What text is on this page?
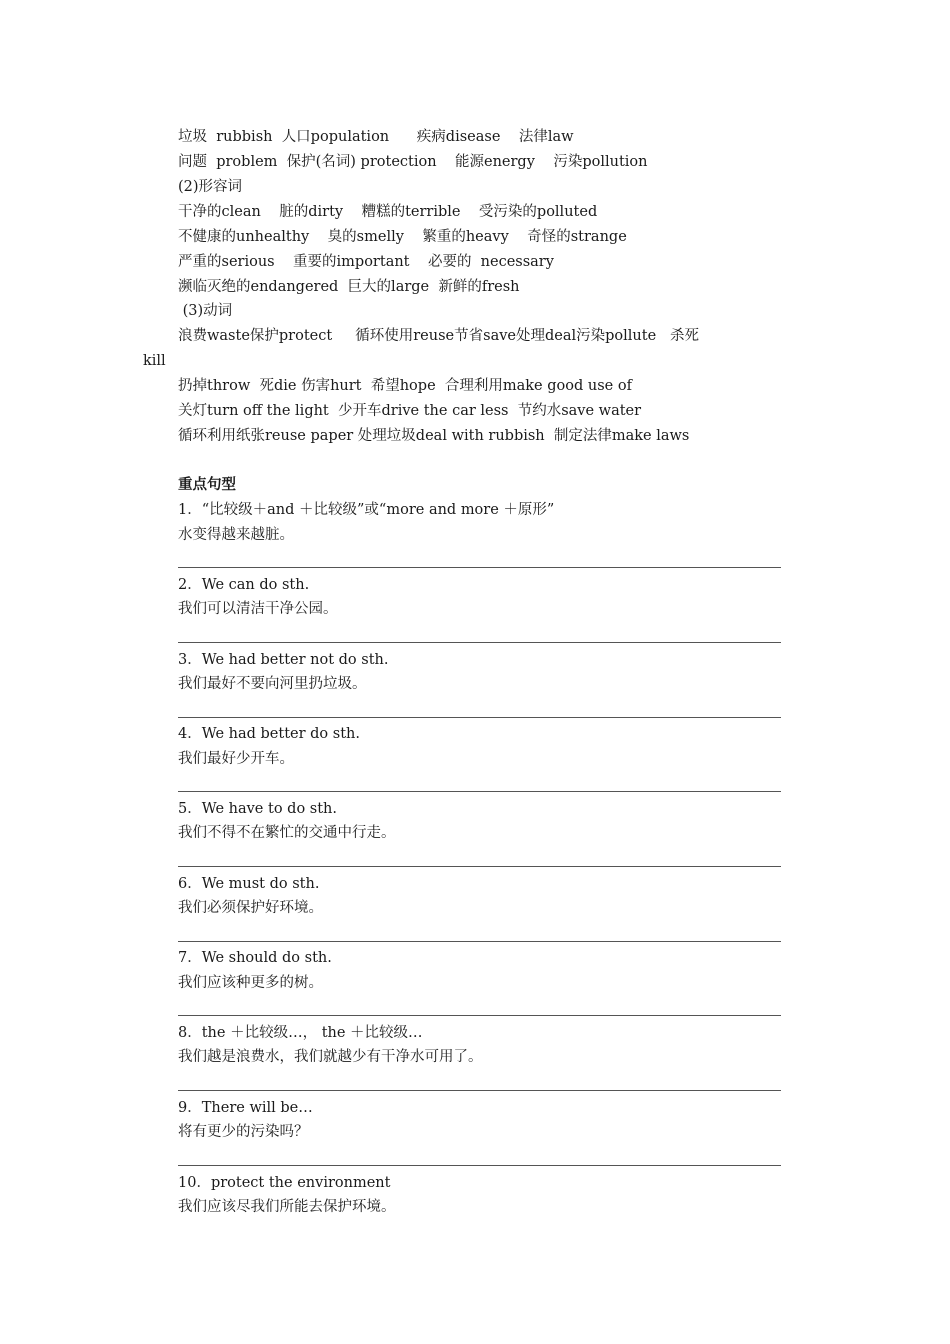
垃圾  rubbish  人口population      疾病disease    法律law
问题  problem  保护(名词) protection    能源energy    污染pollution
(2)形容词
干净的clean    脏的dirty    糟糕的terrible    受污染的polluted
不健康的unhealthy    臭的smelly    繁重的heavy    奇怪的strange
严重的serious    重要的important    必要的  necessary
濒临灭绝的endangered  巨大的large  新鲜的fresh
(3)动词
浪费waste保护protect     循环使用reuse节省save处理deal污染pollute   杀死
kill
扔掉throw  死die 伤害hurt  希望hope  合理利用make good use of
关灯turn off the light  少开车drive the car less  节约水save water
循环利用纸张reuse paper 处理垃圾deal with rubbish  制定法律make laws
重点句型
1．“比较级＋and ＋比较级”或“more and more ＋原形”
水变得越来越脏。
2．We can do sth.
我们可以清洁干净公园。
3．We had better not do sth.
我们最好不要向河里扔垃圾。
4．We had better do sth.
我们最好少开车。
5．We have to do sth.
我们不得不在繁忙的交通中行走。
6．We must do sth.
我们必须保护好环境。
7．We should do sth.
我们应该种更多的树。
8．the ＋比较级…， the ＋比较级…
我们越是浪费水，我们就越少有干净水可用了。
9．There will be…
将有更少的污染吗？
10．protect the environment
我们应该尽我们所能去保护环境。
